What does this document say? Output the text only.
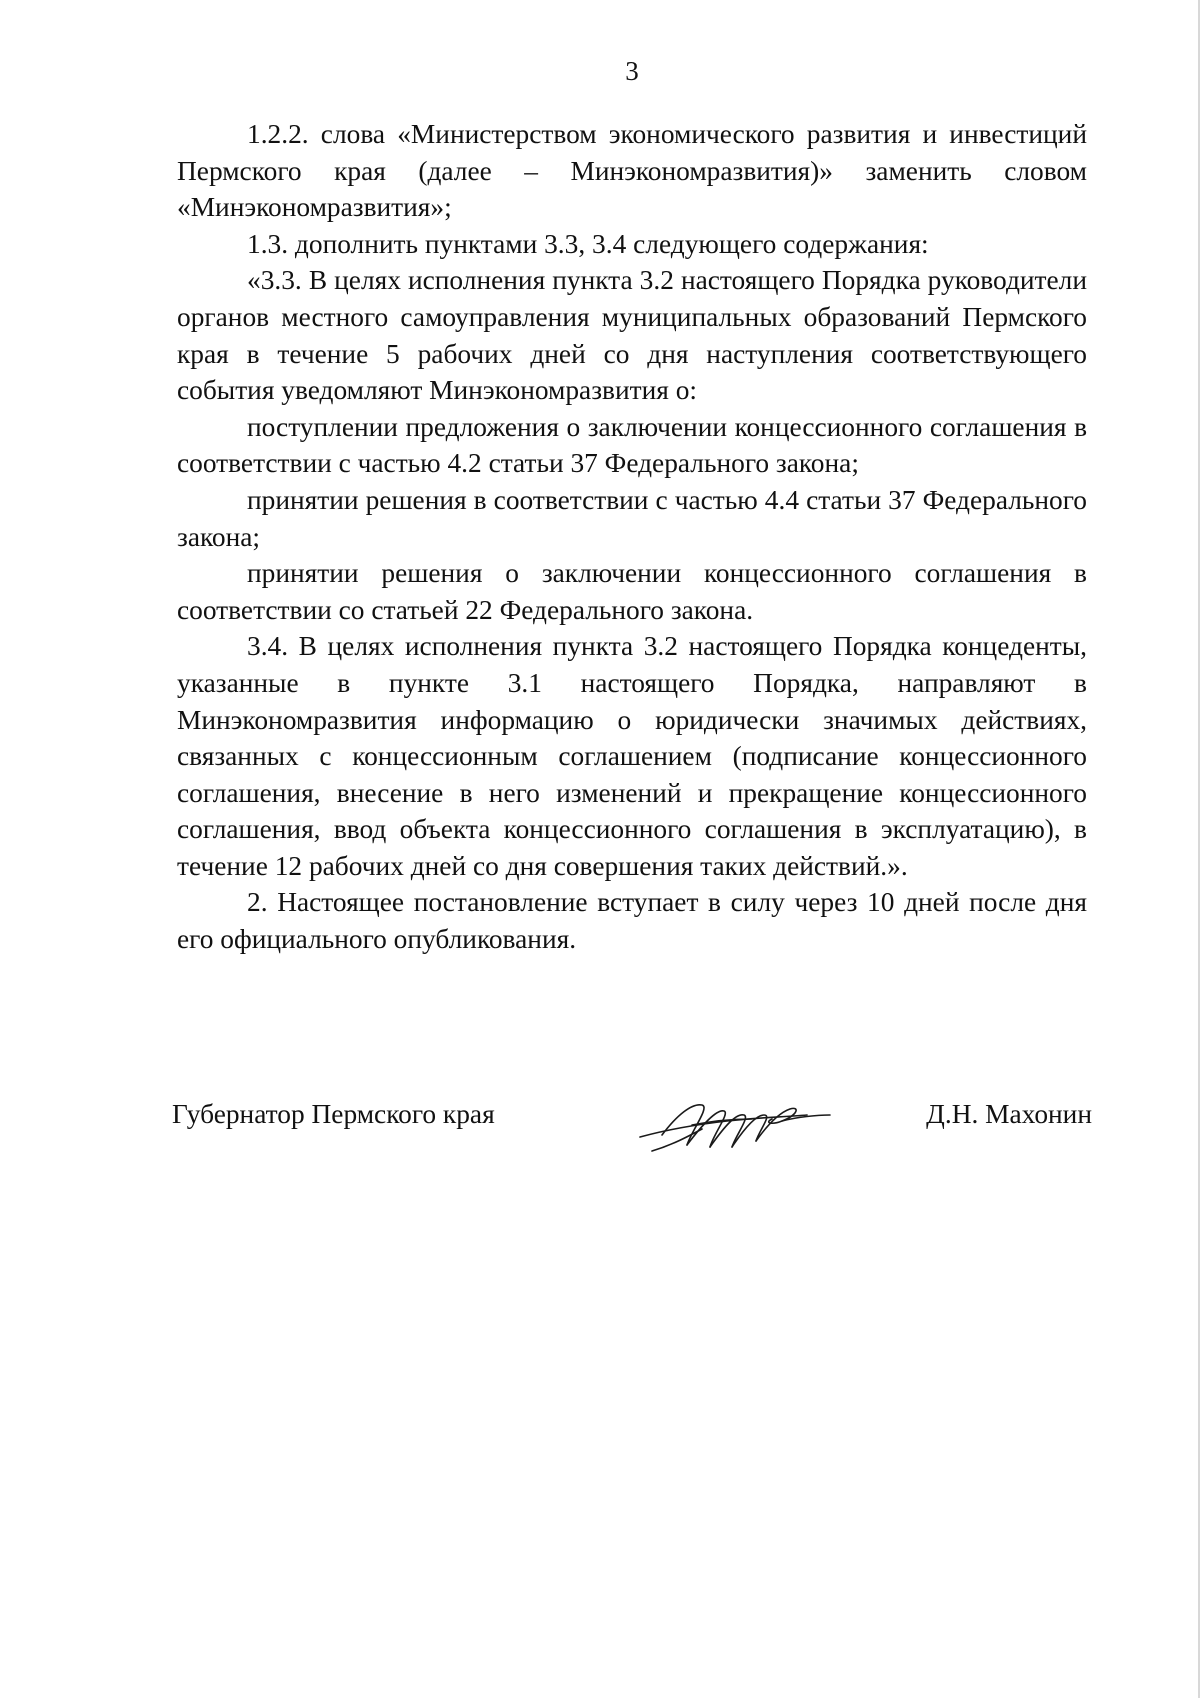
3

1.2.2. слова «Министерством экономического развития и инвестиций Пермского края (далее – Минэкономразвития)» заменить словом «Минэкономразвития»;

1.3. дополнить пунктами 3.3, 3.4 следующего содержания:

«3.3. В целях исполнения пункта 3.2 настоящего Порядка руководители органов местного самоуправления муниципальных образований Пермского края в течение 5 рабочих дней со дня наступления соответствующего события уведомляют Минэкономразвития о:

поступлении предложения о заключении концессионного соглашения в соответствии с частью 4.2 статьи 37 Федерального закона;

принятии решения в соответствии с частью 4.4 статьи 37 Федерального закона;

принятии решения о заключении концессионного соглашения в соответствии со статьей 22 Федерального закона.

3.4. В целях исполнения пункта 3.2 настоящего Порядка концеденты, указанные в пункте 3.1 настоящего Порядка, направляют в Минэкономразвития информацию о юридически значимых действиях, связанных с концессионным соглашением (подписание концессионного соглашения, внесение в него изменений и прекращение концессионного соглашения, ввод объекта концессионного соглашения в эксплуатацию), в течение 12 рабочих дней со дня совершения таких действий.».

2. Настоящее постановление вступает в силу через 10 дней после дня его официального опубликования.

Губернатор Пермского края	Д.Н. Махонин
